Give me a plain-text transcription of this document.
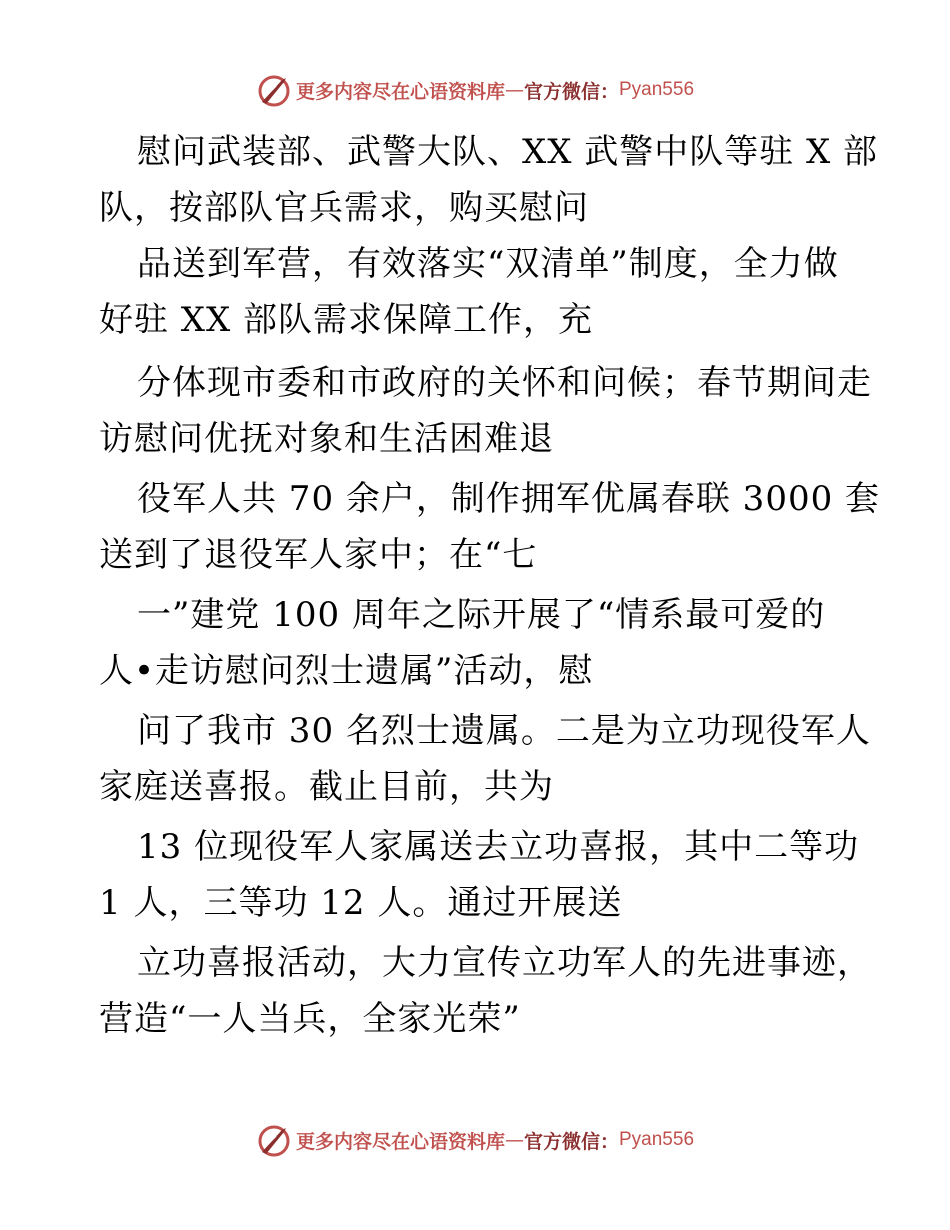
更多内容尽在心语资料库 — 官方微信： Pyan556
慰问武装部、武警大队、XX 武警中队等驻 X 部
队，按部队官兵需求，购买慰问
品送到军营，有效落实“双清单”制度，全力做
好驻 XX 部队需求保障工作，充
分体现市委和市政府的关怀和问候；春节期间走
访慰问优抚对象和生活困难退
役军人共 70 余户，制作拥军优属春联 3000 套
送到了退役军人家中；在“七
一”建党 100 周年之际开展了“情系最可爱的
人•走访慰问烈士遗属”活动，慰
问了我市 30 名烈士遗属。二是为立功现役军人
家庭送喜报。截止目前，共为
13 位现役军人家属送去立功喜报，其中二等功
1 人，三等功 12 人。通过开展送
立功喜报活动，大力宣传立功军人的先进事迹，
营造“一人当兵，全家光荣”
更多内容尽在心语资料库 — 官方微信： Pyan556
